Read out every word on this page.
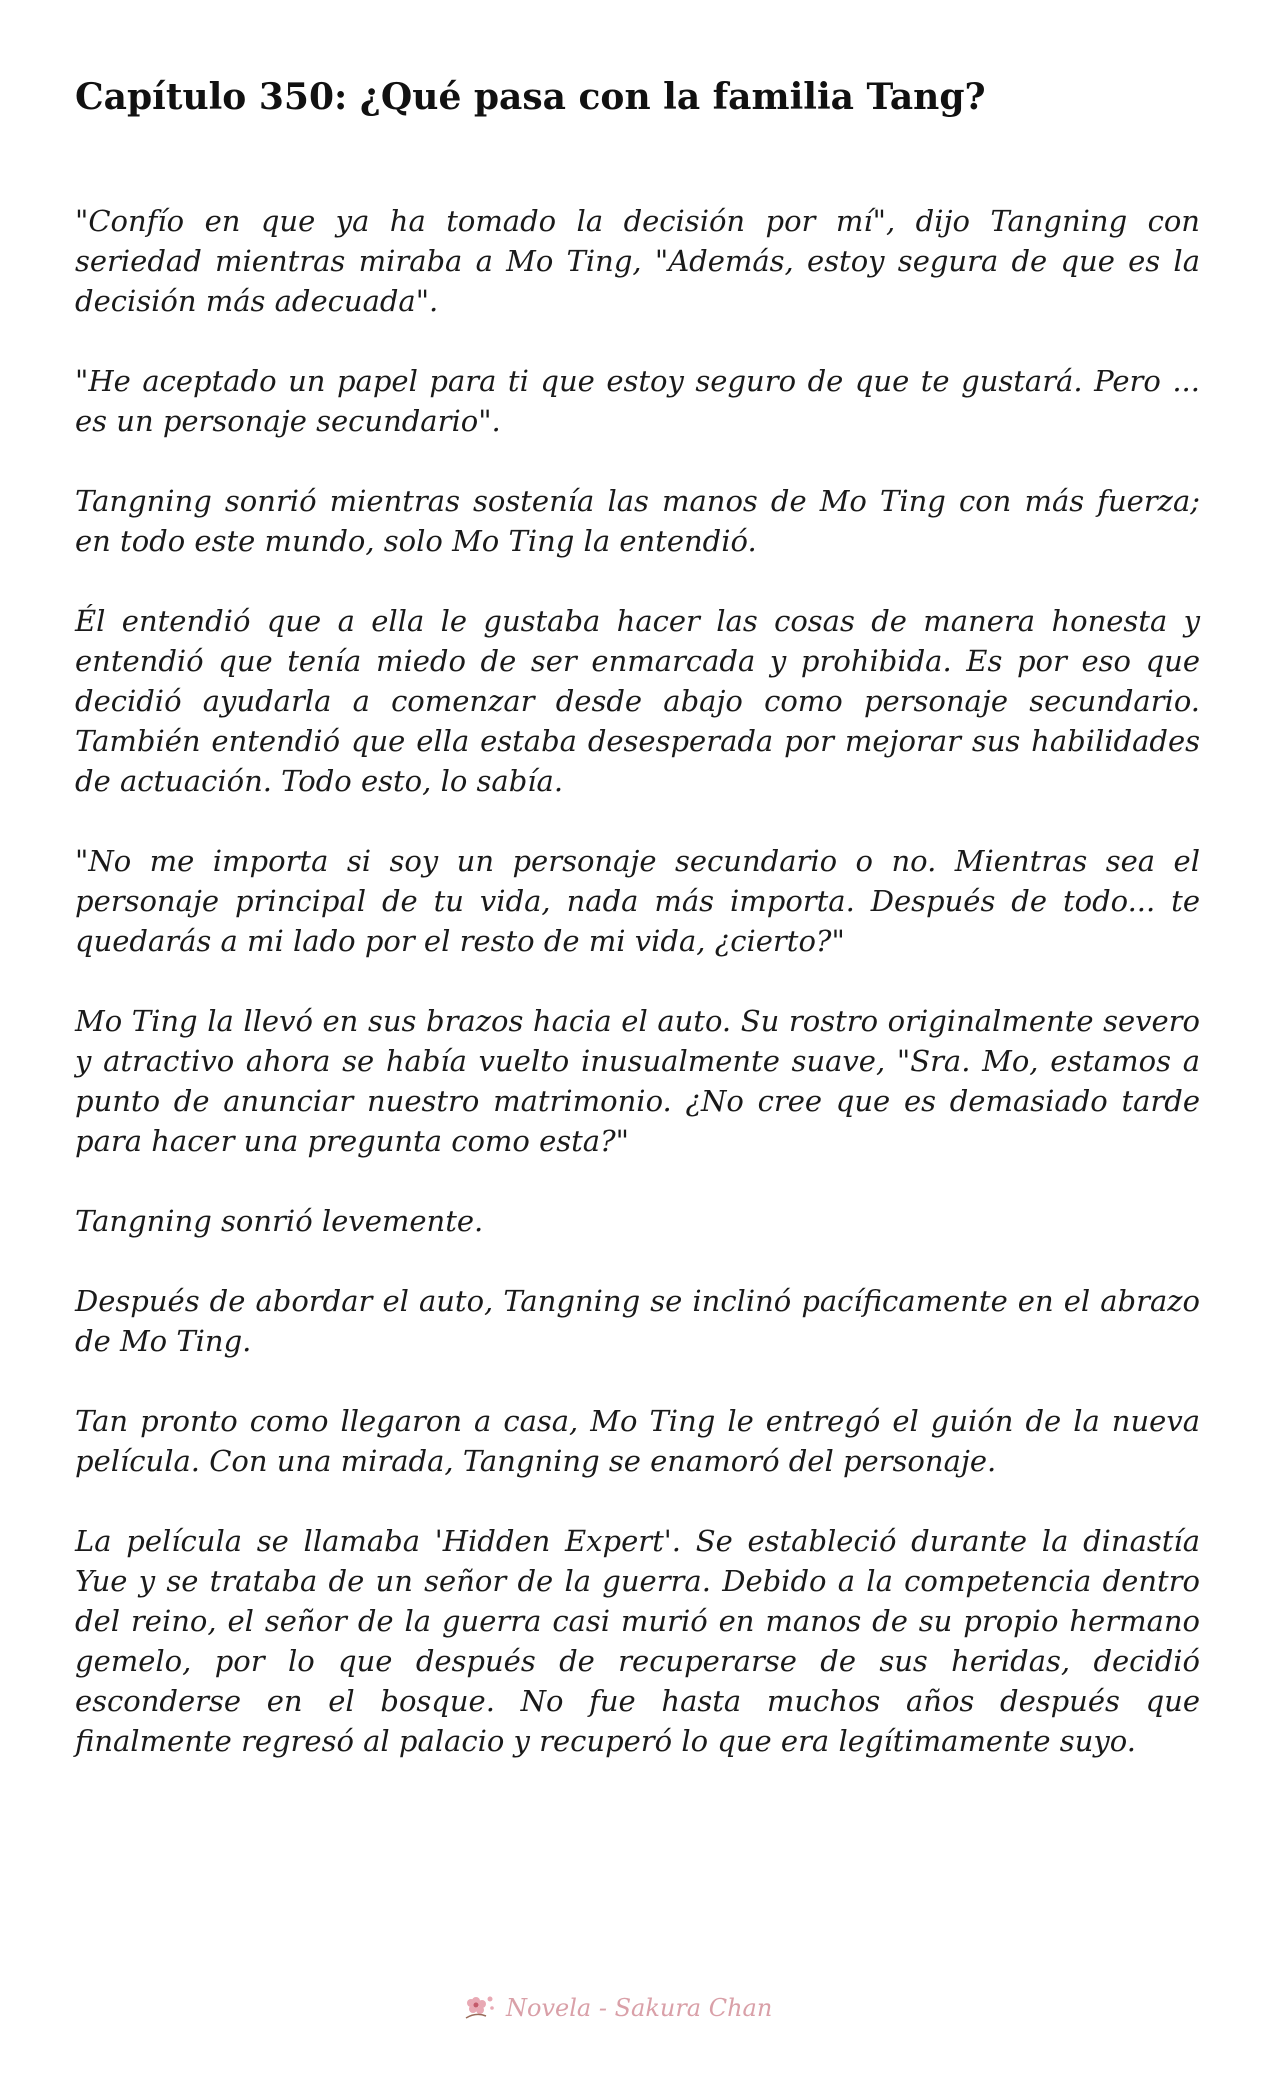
Capítulo 350: ¿Qué pasa con la familia Tang?

"Confío en que ya ha tomado la decisión por mí", dijo Tangning con seriedad mientras miraba a Mo Ting, "Además, estoy segura de que es la decisión más adecuada".

"He aceptado un papel para ti que estoy seguro de que te gustará. Pero ... es un personaje secundario".

Tangning sonrió mientras sostenía las manos de Mo Ting con más fuerza; en todo este mundo, solo Mo Ting la entendió.

Él entendió que a ella le gustaba hacer las cosas de manera honesta y entendió que tenía miedo de ser enmarcada y prohibida. Es por eso que decidió ayudarla a comenzar desde abajo como personaje secundario. También entendió que ella estaba desesperada por mejorar sus habilidades de actuación. Todo esto, lo sabía.

"No me importa si soy un personaje secundario o no. Mientras sea el personaje principal de tu vida, nada más importa. Después de todo... te quedarás a mi lado por el resto de mi vida, ¿cierto?"

Mo Ting la llevó en sus brazos hacia el auto. Su rostro originalmente severo y atractivo ahora se había vuelto inusualmente suave, "Sra. Mo, estamos a punto de anunciar nuestro matrimonio. ¿No cree que es demasiado tarde para hacer una pregunta como esta?"

Tangning sonrió levemente.

Después de abordar el auto, Tangning se inclinó pacíficamente en el abrazo de Mo Ting.

Tan pronto como llegaron a casa, Mo Ting le entregó el guión de la nueva película. Con una mirada, Tangning se enamoró del personaje.

La película se llamaba 'Hidden Expert'. Se estableció durante la dinastía Yue y se trataba de un señor de la guerra. Debido a la competencia dentro del reino, el señor de la guerra casi murió en manos de su propio hermano gemelo, por lo que después de recuperarse de sus heridas, decidió esconderse en el bosque. No fue hasta muchos años después que finalmente regresó al palacio y recuperó lo que era legítimamente suyo.

Novela - Sakura Chan
